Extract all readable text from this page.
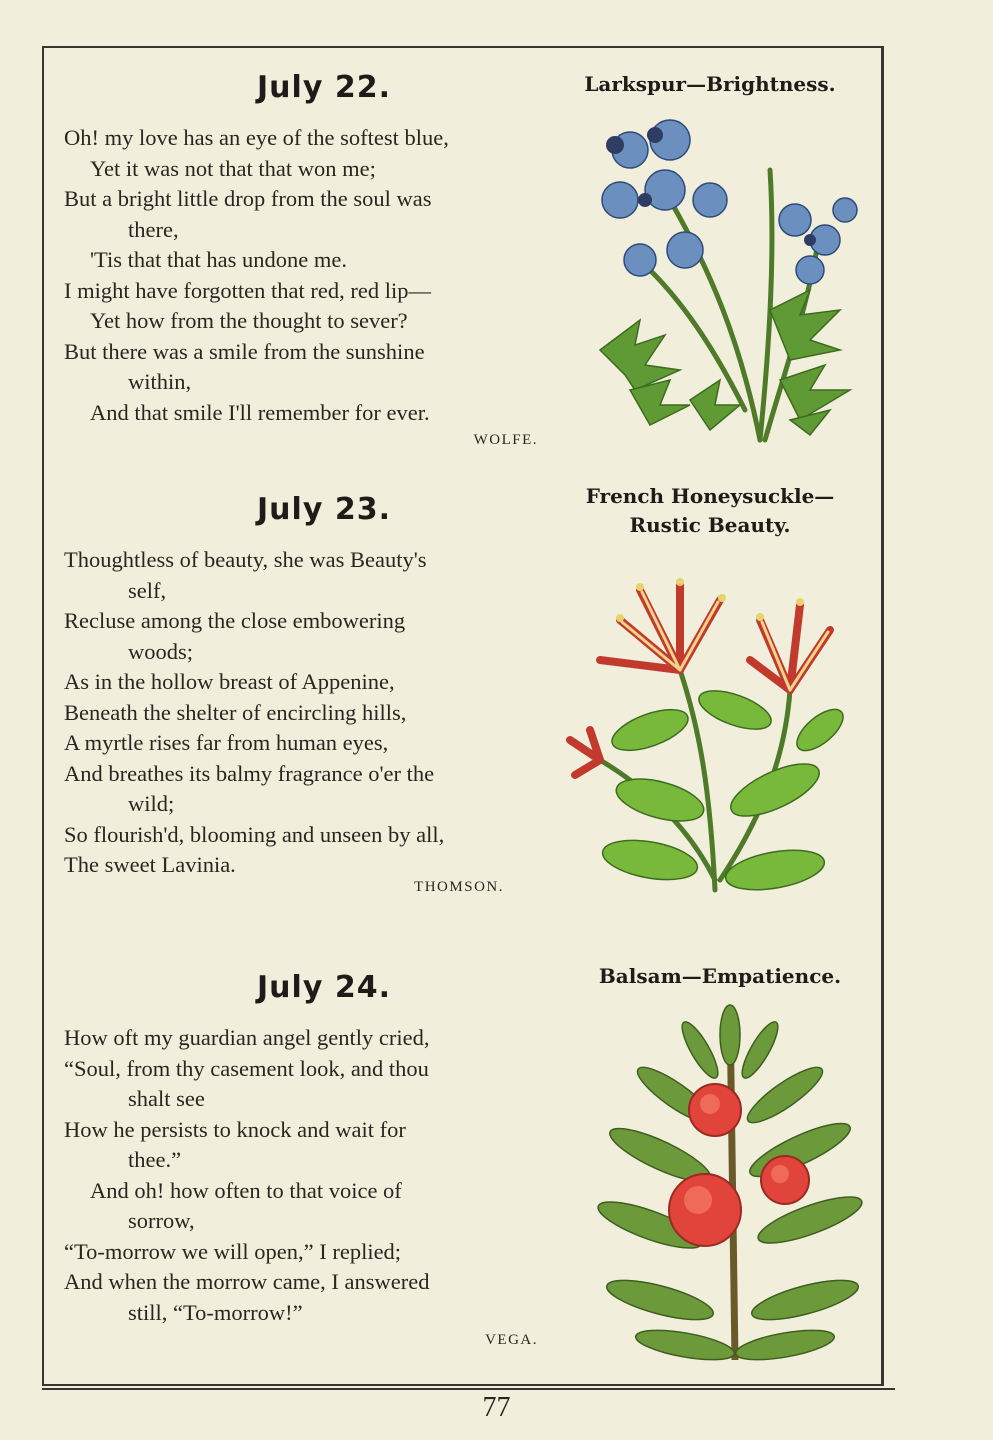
July 22.
Oh! my love has an eye of the softest blue,
Yet it was not that that won me;
But a bright little drop from the soul was
there,
'Tis that that has undone me.
I might have forgotten that red, red lip—
Yet how from the thought to sever?
But there was a smile from the sunshine
within,
And that smile I'll remember for ever.
WOLFE.
July 23.
Thoughtless of beauty, she was Beauty's
self,
Recluse among the close embowering
woods;
As in the hollow breast of Appenine,
Beneath the shelter of encircling hills,
A myrtle rises far from human eyes,
And breathes its balmy fragrance o'er the
wild;
So flourish'd, blooming and unseen by all,
The sweet Lavinia.
THOMSON.
July 24.
How oft my guardian angel gently cried,
“Soul, from thy casement look, and thou
shalt see
How he persists to knock and wait for
thee.”
And oh! how often to that voice of
sorrow,
“To-morrow we will open,” I replied;
And when the morrow came, I answered
still, “To-morrow!”
VEGA.
Larkspur—Brightness.
French Honeysuckle—
Rustic Beauty.
Balsam—Empatience.
77
